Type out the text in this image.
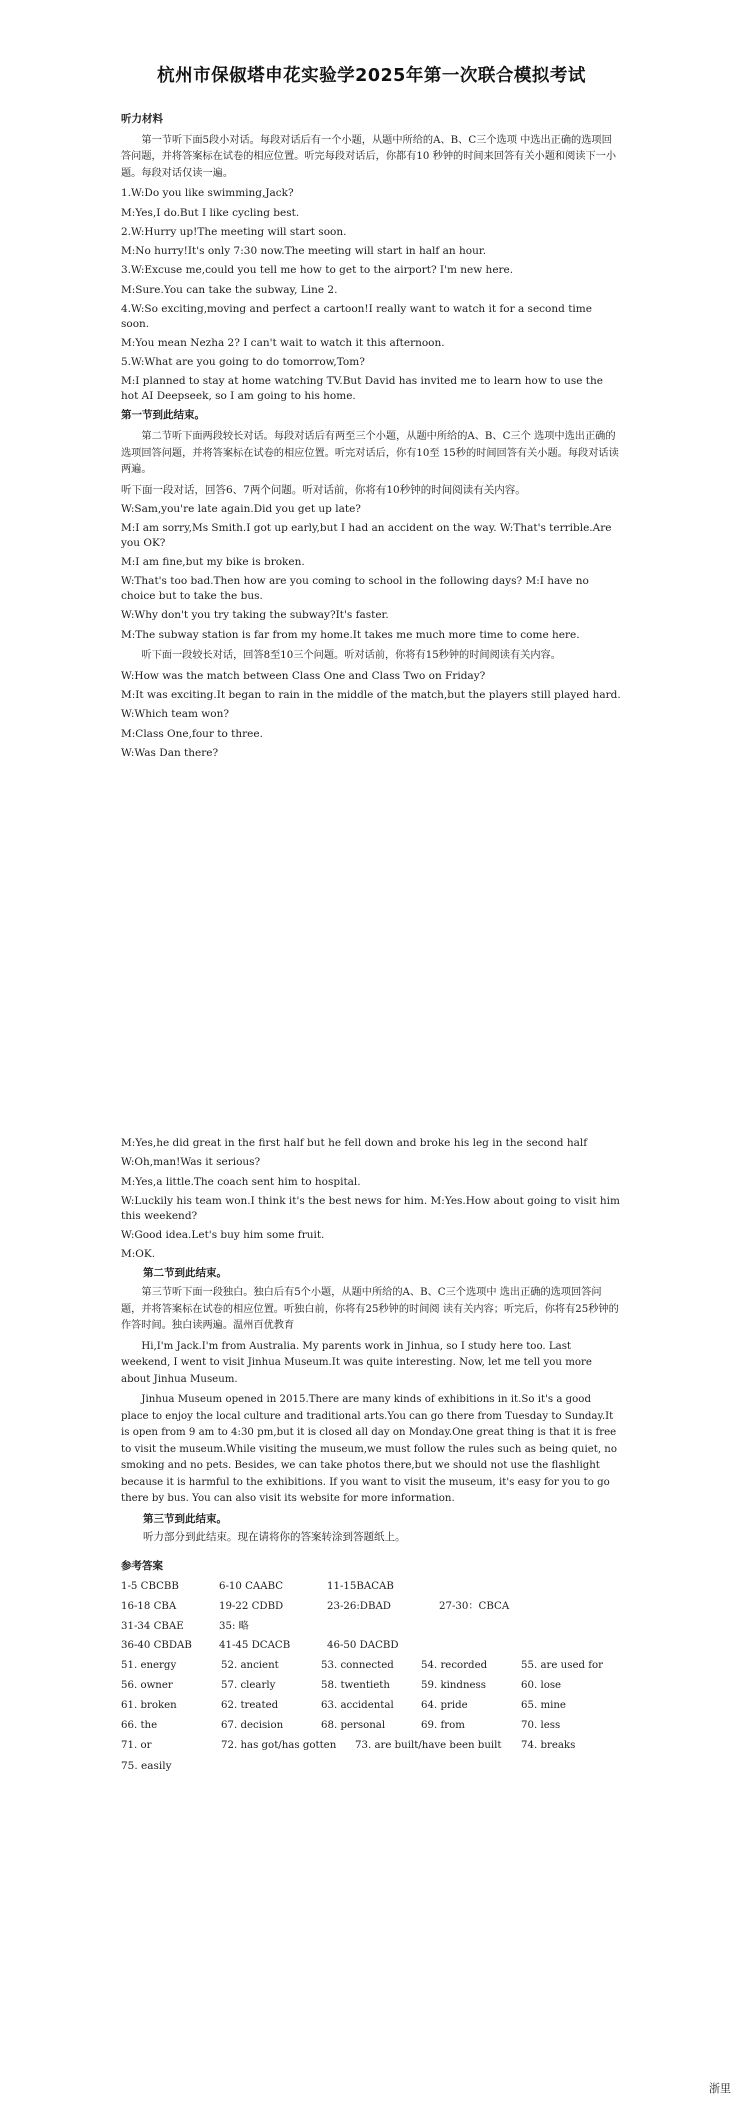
杭州市保俶塔申花实验学2025年第一次联合模拟考试
听力材料
第一节听下面5段小对话。每段对话后有一个小题，从题中所给的A、B、C三个选项 中选出正确的选项回答问题，并将答案标在试卷的相应位置。听完每段对话后，你都有10 秒钟的时间来回答有关小题和阅读下一小题。每段对话仅读一遍。
1.W:Do you like swimming,Jack?
M:Yes,I do.But I like cycling best.
2.W:Hurry up!The meeting will start soon.
M:No hurry!It's only 7:30 now.The meeting will start in half an hour.
3.W:Excuse me,could you tell me how to get to the airport? I'm new here.
M:Sure.You can take the subway, Line 2.
4.W:So exciting,moving and perfect a cartoon!I really want to watch it for a second time soon.
M:You mean Nezha 2? I can't wait to watch it this afternoon.
5.W:What are you going to do tomorrow,Tom?
M:I planned to stay at home watching TV.But David has invited me to learn how to use the hot AI Deepseek, so I am going to his home.
第一节到此结束。
第二节听下面两段较长对话。每段对话后有两至三个小题，从题中所给的A、B、C三个 选项中选出正确的选项回答问题，并将答案标在试卷的相应位置。听完对话后，你有10至 15秒的时间回答有关小题。每段对话读两遍。
听下面一段对话，回答6、7两个问题。听对话前，你将有10秒钟的时间阅读有关内容。
W:Sam,you're late again.Did you get up late?
M:I am sorry,Ms Smith.I got up early,but I had an accident on the way. W:That's terrible.Are you OK?
M:I am fine,but my bike is broken.
W:That's too bad.Then how are you coming to school in the following days? M:I have no choice but to take the bus.
W:Why don't you try taking the subway?It's faster.
M:The subway station is far from my home.It takes me much more time to come here.
听下面一段较长对话，回答8至10三个问题。听对话前，你将有15秒钟的时间阅读有关内容。
W:How was the match between Class One and Class Two on Friday?
M:It was exciting.It began to rain in the middle of the match,but the players still played hard.
W:Which team won?
M:Class One,four to three.
W:Was Dan there?
M:Yes,he did great in the first half but he fell down and broke his leg in the second half
W:Oh,man!Was it serious?
M:Yes,a little.The coach sent him to hospital.
W:Luckily his team won.I think it's the best news for him. M:Yes.How about going to visit him this weekend?
W:Good idea.Let's buy him some fruit.
M:OK.
第二节到此结束。
第三节听下面一段独白。独白后有5个小题，从题中所给的A、B、C三个选项中 选出正确的选项回答问题，并将答案标在试卷的相应位置。听独白前，你将有25秒钟的时间阅 读有关内容；听完后，你将有25秒钟的作答时间。独白读两遍。温州百优教育
Hi,I'm Jack.I'm from Australia. My parents work in Jinhua, so I study here too. Last weekend, I went to visit Jinhua Museum.It was quite interesting. Now, let me tell you more about Jinhua Museum.
Jinhua Museum opened in 2015.There are many kinds of exhibitions in it.So it's a good place to enjoy the local culture and traditional arts.You can go there from Tuesday to Sunday.It is open from 9 am to 4:30 pm,but it is closed all day on Monday.One great thing is that it is free to visit the museum.While visiting the museum,we must follow the rules such as being quiet, no smoking and no pets. Besides, we can take photos there,but we should not use the flashlight because it is harmful to the exhibitions. If you want to visit the museum, it's easy for you to go there by bus. You can also visit its website for more information.
第三节到此结束。
听力部分到此结束。现在请将你的答案转涂到答题纸上。
参考答案
1-5 CBCBB	6-10 CAABC	11-15BACAB	
16-18 CBA	19-22 CDBD	23-26:DBAD	27-30：CBCA
31-34 CBAE	35: 略		
36-40 CBDAB	41-45 DCACB	46-50 DACBD	
51. energy	52. ancient	53. connected	54. recorded	55. are used for
56. owner	57. clearly	58. twentieth	59. kindness	60. lose
61. broken	62. treated	63. accidental	64. pride	65. mine
66. the	67. decision	68. personal	69. from	70. less
71. or	72. has got/has gotten	73. are built/have been built	74. breaks
75. easily
浙里
